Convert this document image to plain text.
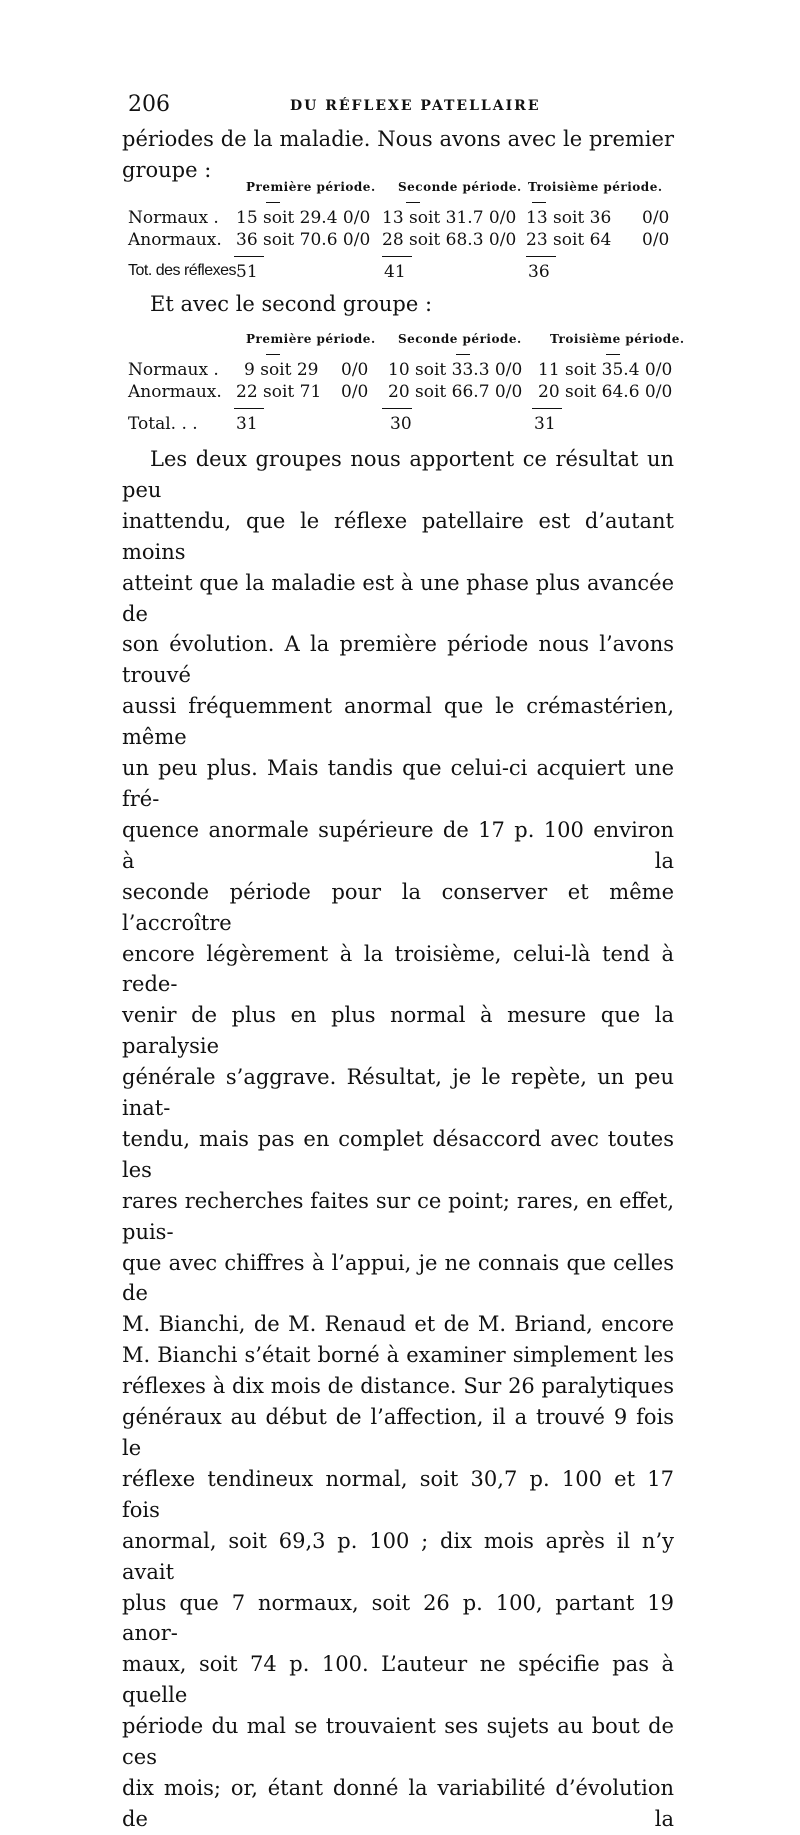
206	DU RÉFLEXE PATELLAIRE
périodes de la maladie. Nous avons avec le premier
groupe :
Première période. Seconde période. Troisième période.
Normaux . 15 soit 29.4 0/0 13 soit 31.7 0/0 13 soit 36 0/0
Anormaux. 36 soit 70.6 0/0 28 soit 68.3 0/0 23 soit 64 0/0
Tot. des réflexes 51	41	36
Et avec le second groupe :
Première période. Seconde période. Troisième période.
Normaux . 9 soit 29 0/0 10 soit 33.3 0/0 11 soit 35.4 0/0
Anormaux. 22 soit 71 0/0 20 soit 66.7 0/0 20 soit 64.6 0/0
Total. . . 31	30	31
Les deux groupes nous apportent ce résultat un peu
inattendu, que le réflexe patellaire est d’autant moins
atteint que la maladie est à une phase plus avancée de
son évolution. A la première période nous l’avons trouvé
aussi fréquemment anormal que le crémastérien, même
un peu plus. Mais tandis que celui-ci acquiert une fré-
quence anormale supérieure de 17 p. 100 environ à la
seconde période pour la conserver et même l’accroître
encore légèrement à la troisième, celui-là tend à rede-
venir de plus en plus normal à mesure que la paralysie
générale s’aggrave. Résultat, je le repète, un peu inat-
tendu, mais pas en complet désaccord avec toutes les
rares recherches faites sur ce point; rares, en effet, puis-
que avec chiffres à l’appui, je ne connais que celles de
M. Bianchi, de M. Renaud et de M. Briand, encore
M. Bianchi s’était borné à examiner simplement les
réflexes à dix mois de distance. Sur 26 paralytiques
généraux au début de l’affection, il a trouvé 9 fois le
réflexe tendineux normal, soit 30,7 p. 100 et 17 fois
anormal, soit 69,3 p. 100 ; dix mois après il n’y avait
plus que 7 normaux, soit 26 p. 100, partant 19 anor-
maux, soit 74 p. 100. L’auteur ne spécifie pas à quelle
période du mal se trouvaient ses sujets au bout de ces
dix mois; or, étant donné la variabilité d’évolution de la
